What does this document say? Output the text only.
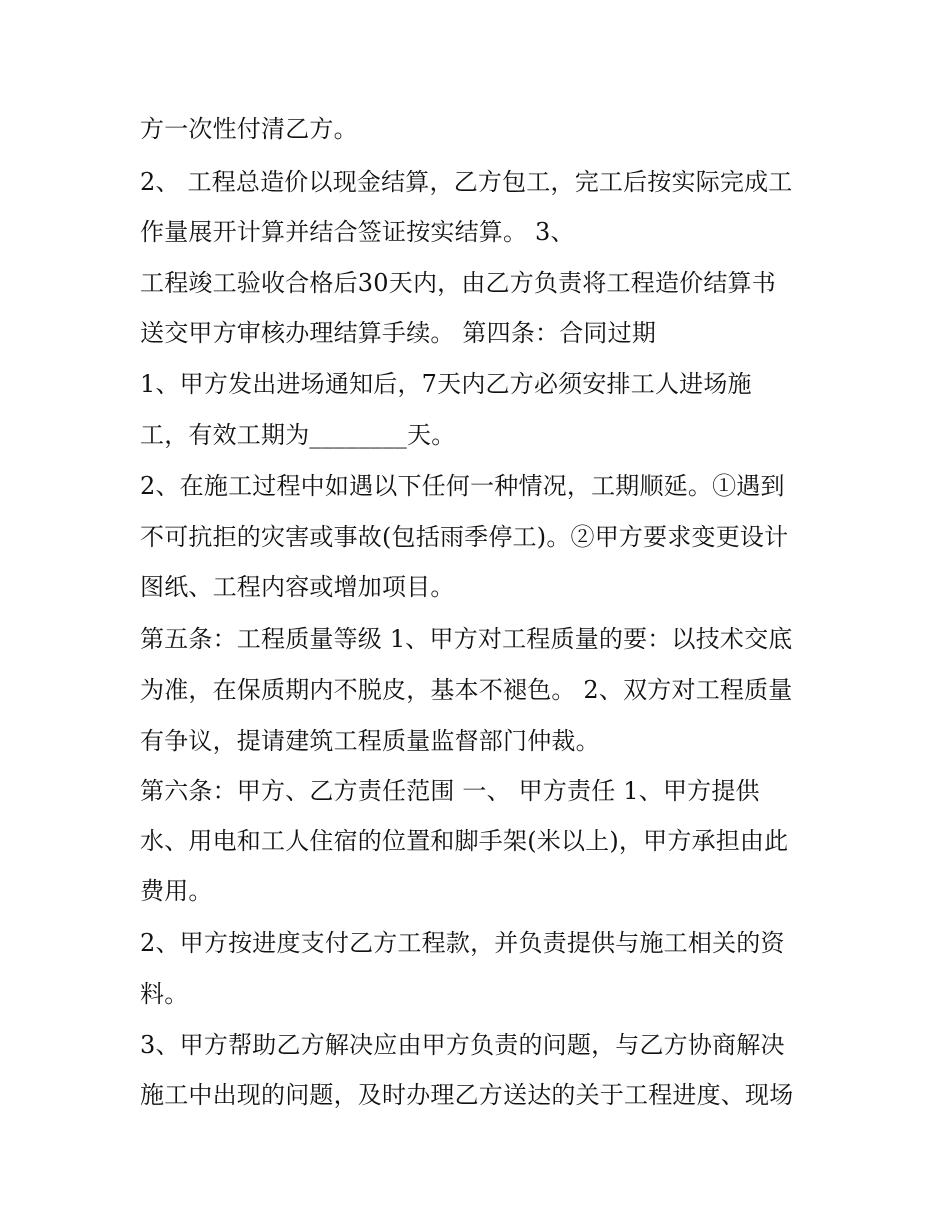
方一次性付清乙方。
2、 工程总造价以现金结算，乙方包工，完工后按实际完成工
作量展开计算并结合签证按实结算。 3、
工程竣工验收合格后30天内，由乙方负责将工程造价结算书
送交甲方审核办理结算手续。 第四条：合同过期
1、甲方发出进场通知后，7天内乙方必须安排工人进场施
工，有效工期为________天。
2、在施工过程中如遇以下任何一种情况，工期顺延。①遇到
不可抗拒的灾害或事故(包括雨季停工)。②甲方要求变更设计
图纸、工程内容或增加项目。
第五条：工程质量等级 1、甲方对工程质量的要：以技术交底
为准，在保质期内不脱皮，基本不褪色。 2、双方对工程质量
有争议，提请建筑工程质量监督部门仲裁。
第六条：甲方、乙方责任范围 一、 甲方责任 1、甲方提供
水、用电和工人住宿的位置和脚手架(米以上)，甲方承担由此
费用。
2、甲方按进度支付乙方工程款，并负责提供与施工相关的资
料。
3、甲方帮助乙方解决应由甲方负责的问题，与乙方协商解决
施工中出现的问题，及时办理乙方送达的关于工程进度、现场
